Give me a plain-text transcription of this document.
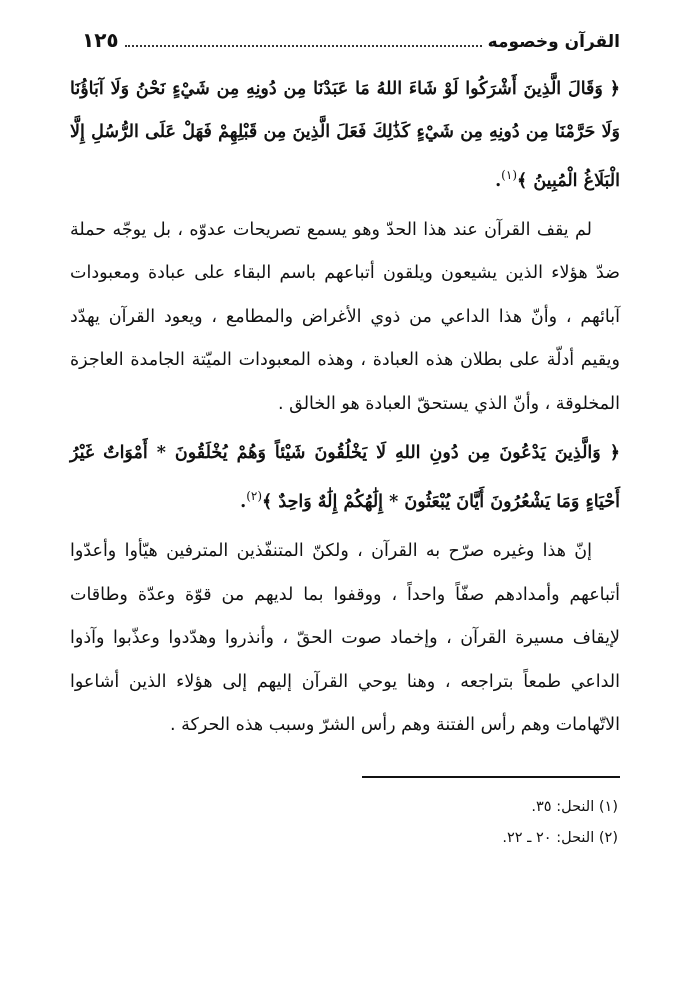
القرآن وخصومه
١٢٥

﴿ وَقَالَ الَّذِينَ أَشْرَكُوا لَوْ شَاءَ اللهُ مَا عَبَدْنَا مِن دُونِهِ مِن شَيْءٍ نَحْنُ وَلَا آبَاؤُنَا وَلَا حَرَّمْنَا مِن دُونِهِ مِن شَيْءٍ كَذَٰلِكَ فَعَلَ الَّذِينَ مِن قَبْلِهِمْ فَهَلْ عَلَى الرُّسُلِ إِلَّا الْبَلَاغُ الْمُبِينُ ﴾$^{(١)}$.

لم يقف القرآن عند هذا الحدّ وهو يسمع تصريحات عدوّه ، بل يوجّه حملة ضدّ هؤلاء الذين يشيعون ويلقون أتباعهم باسم البقاء على عبادة ومعبودات آبائهم ، وأنّ هذا الداعي من ذوي الأغراض والمطامع ، ويعود القرآن يهدّد ويقيم أدلّة على بطلان هذه العبادة ، وهذه المعبودات الميّتة الجامدة العاجزة المخلوقة ، وأنّ الذي يستحقّ العبادة هو الخالق .

﴿ وَالَّذِينَ يَدْعُونَ مِن دُونِ اللهِ لَا يَخْلُقُونَ شَيْئاً وَهُمْ يُخْلَقُونَ * أَمْوَاتٌ غَيْرُ أَحْيَاءٍ وَمَا يَشْعُرُونَ أَيَّانَ يُبْعَثُونَ * إِلَٰهُكُمْ إِلَٰهٌ وَاحِدٌ ﴾$^{(٢)}$.

إنّ هذا وغيره صرّح به القرآن ، ولكنّ المتنفّذين المترفين هيّأوا وأعدّوا أتباعهم وأمدادهم صفّاً واحداً ، ووقفوا بما لديهم من قوّة وعدّة وطاقات لإيقاف مسيرة القرآن ، وإخماد صوت الحقّ ، وأنذروا وهدّدوا وعذّبوا وآذوا الداعي طمعاً بتراجعه ، وهنا يوحي القرآن إليهم إلى هؤلاء الذين أشاعوا الاتّهامات وهم رأس الفتنة وهم رأس الشرّ وسبب هذه الحركة .

(١) النحل: ٣٥.

(٢) النحل: ٢٠ ـ ٢٢.
